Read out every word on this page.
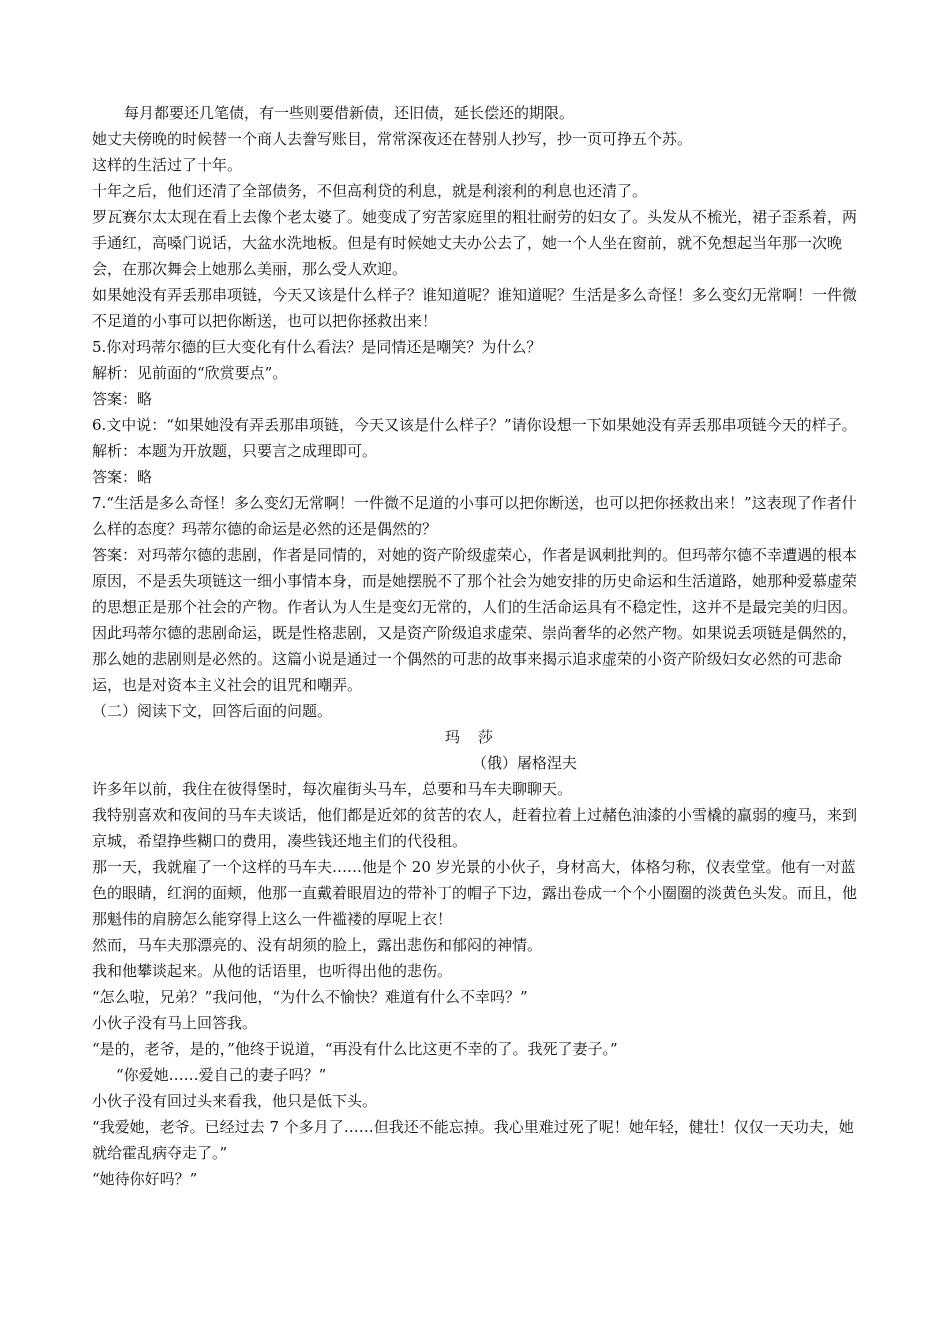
每月都要还几笔债，有一些则要借新债，还旧债，延长偿还的期限。

她丈夫傍晚的时候替一个商人去誊写账目，常常深夜还在替别人抄写，抄一页可挣五个苏。

这样的生活过了十年。

十年之后，他们还清了全部债务，不但高利贷的利息，就是利滚利的利息也还清了。

罗瓦赛尔太太现在看上去像个老太婆了。她变成了穷苦家庭里的粗壮耐劳的妇女了。头发从不梳光，裙子歪系着，两手通红，高嗓门说话，大盆水洗地板。但是有时候她丈夫办公去了，她一个人坐在窗前，就不免想起当年那一次晚会，在那次舞会上她那么美丽，那么受人欢迎。

如果她没有弄丢那串项链，今天又该是什么样子？谁知道呢？谁知道呢？生活是多么奇怪！多么变幻无常啊！一件微不足道的小事可以把你断送，也可以把你拯救出来！

5.你对玛蒂尔德的巨大变化有什么看法？是同情还是嘲笑？为什么？

解析：见前面的“欣赏要点”。

答案：略

6.文中说：“如果她没有弄丢那串项链，今天又该是什么样子？”请你设想一下如果她没有弄丢那串项链今天的样子。

解析：本题为开放题，只要言之成理即可。

答案：略

7.“生活是多么奇怪！多么变幻无常啊！一件微不足道的小事可以把你断送，也可以把你拯救出来！”这表现了作者什么样的态度？玛蒂尔德的命运是必然的还是偶然的？

答案：对玛蒂尔德的悲剧，作者是同情的，对她的资产阶级虚荣心，作者是讽刺批判的。但玛蒂尔德不幸遭遇的根本原因，不是丢失项链这一细小事情本身，而是她摆脱不了那个社会为她安排的历史命运和生活道路，她那种爱慕虚荣的思想正是那个社会的产物。作者认为人生是变幻无常的，人们的生活命运具有不稳定性，这并不是最完美的归因。因此玛蒂尔德的悲剧命运，既是性格悲剧，又是资产阶级追求虚荣、崇尚奢华的必然产物。如果说丢项链是偶然的，那么她的悲剧则是必然的。这篇小说是通过一个偶然的可悲的故事来揭示追求虚荣的小资产阶级妇女必然的可悲命运，也是对资本主义社会的诅咒和嘲弄。

（二）阅读下文，回答后面的问题。

玛莎

（俄）屠格涅夫

许多年以前，我住在彼得堡时，每次雇街头马车，总要和马车夫聊聊天。

我特别喜欢和夜间的马车夫谈话，他们都是近郊的贫苦的农人，赶着拉着上过赭色油漆的小雪橇的羸弱的瘦马，来到京城，希望挣些糊口的费用，凑些钱还地主们的代役租。

那一天，我就雇了一个这样的马车夫……他是个 20 岁光景的小伙子，身材高大，体格匀称，仪表堂堂。他有一对蓝色的眼睛，红润的面颊，他那一直戴着眼眉边的带补丁的帽子下边，露出卷成一个个小圈圈的淡黄色头发。而且，他那魁伟的肩膀怎么能穿得上这么一件褴褛的厚呢上衣！

然而，马车夫那漂亮的、没有胡须的脸上，露出悲伤和郁闷的神情。

我和他攀谈起来。从他的话语里，也听得出他的悲伤。

“怎么啦，兄弟？”我问他，“为什么不愉快？难道有什么不幸吗？”

小伙子没有马上回答我。

“是的，老爷，是的，”他终于说道，“再没有什么比这更不幸的了。我死了妻子。”

“你爱她……爱自己的妻子吗？”

小伙子没有回过头来看我，他只是低下头。

“我爱她，老爷。已经过去 7 个多月了……但我还不能忘掉。我心里难过死了呢！她年轻，健壮！仅仅一天功夫，她就给霍乱病夺走了。”

“她待你好吗？”
